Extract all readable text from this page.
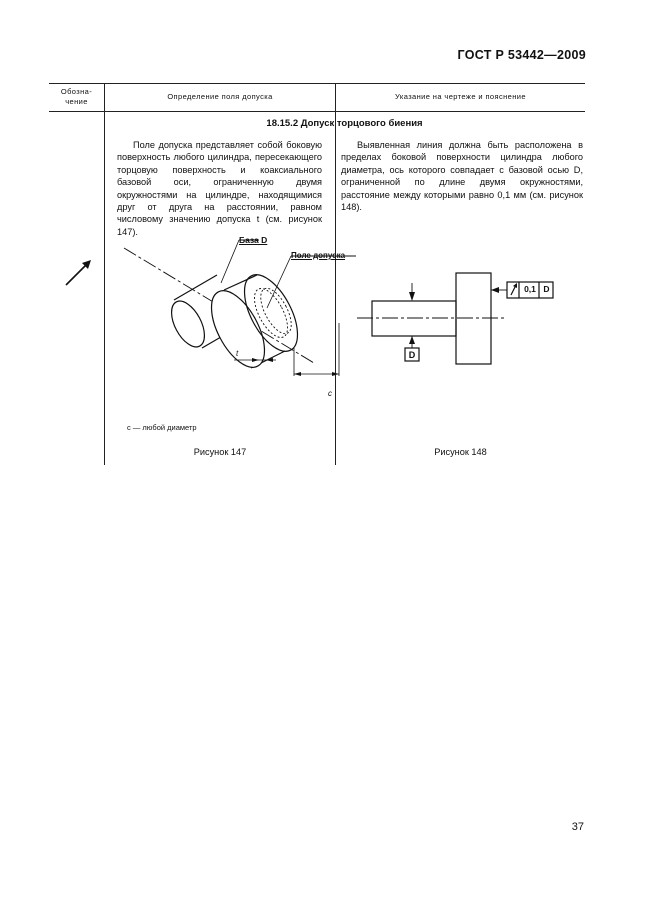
ГОСТ Р 53442—2009
Обозна-
чение
Определение поля допуска	Указание на чертеже и пояснение
18.15.2 Допуск торцового биения
Поле допуска представляет собой боковую поверхность любого цилиндра, пересекающего торцовую поверхность и коаксиального базовой оси, ограниченную двумя окружностями на цилиндре, находящимися друг от друга на расстоянии, равном числовому значению допуска t (см. рисунок 147).
Выявленная линия должна быть расположена в пределах боковой поверхности цилиндра любого диаметра, ось которого совпадает с базовой осью D, ограниченной по длине двумя окружностями, расстояние между которыми равно 0,1 мм (см. рисунок 148).
База D
Поле допуска
t
c
c — любой диаметр
Рисунок 147
0,1 D
D
Рисунок 148
37
